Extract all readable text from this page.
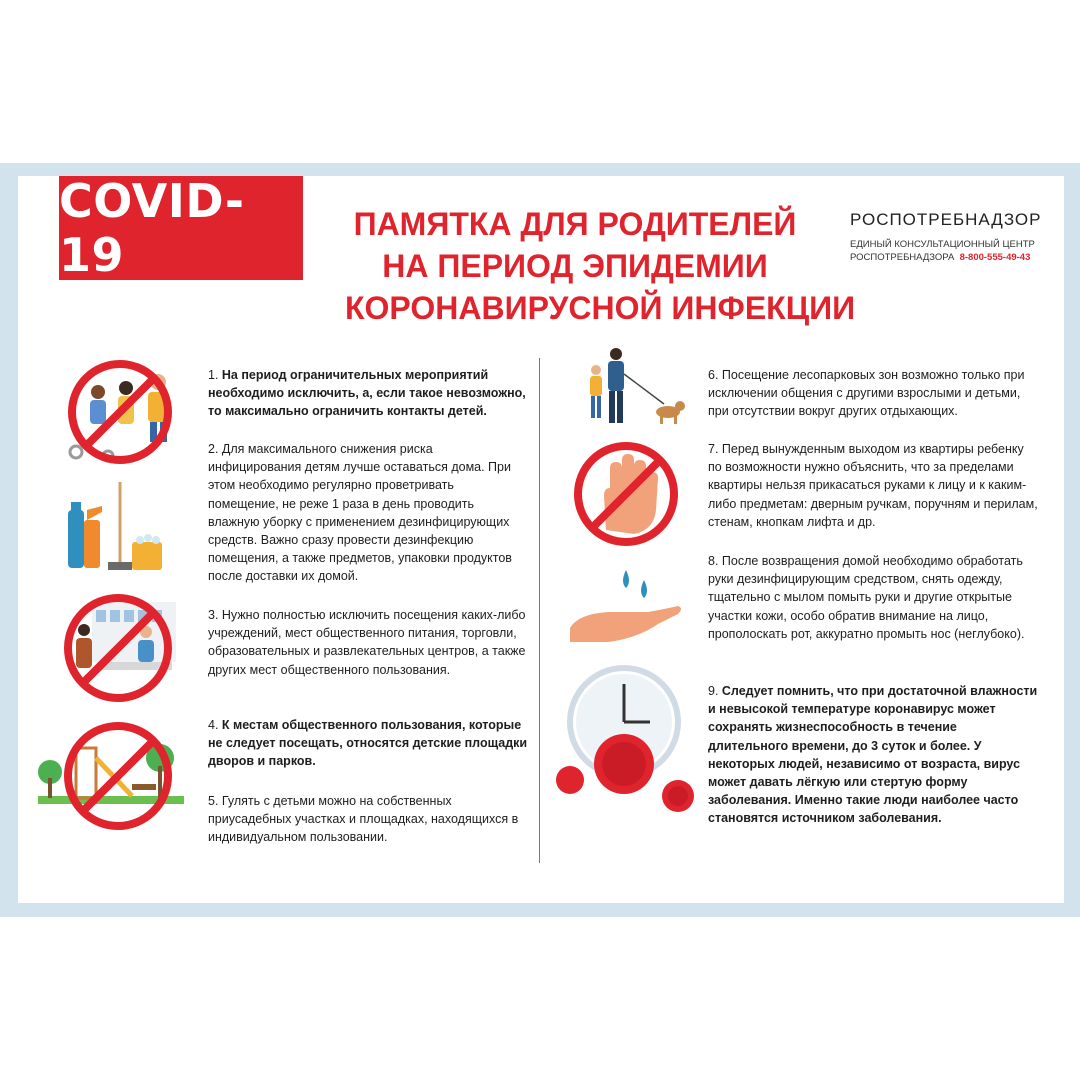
COVID-19
ПАМЯТКА ДЛЯ РОДИТЕЛЕЙ
НА ПЕРИОД ЭПИДЕМИИ
КОРОНАВИРУСНОЙ ИНФЕКЦИИ
РОСПОТРЕБНАДЗОР
ЕДИНЫЙ КОНСУЛЬТАЦИОННЫЙ ЦЕНТР
РОСПОТРЕБНАДЗОРА 8-800-555-49-43
1. На период ограничительных мероприятий необходимо исключить, а, если такое невозможно, то максимально ограничить контакты детей.
2. Для максимального снижения риска инфицирования детям лучше оставаться дома. При этом необходимо регулярно проветривать помещение, не реже 1 раза в день проводить влажную уборку с применением дезинфицирующих средств. Важно сразу провести дезинфекцию помещения, а также предметов, упаковки продуктов после доставки их домой.
3. Нужно полностью исключить посещения каких-либо учреждений, мест общественного питания, торговли, образовательных и развлекательных центров, а также других мест общественного пользования.
4. К местам общественного пользования, которые не следует посещать, относятся детские площадки дворов и парков.
5. Гулять с детьми можно на собственных приусадебных участках и площадках, находящихся в индивидуальном пользовании.
6. Посещение лесопарковых зон возможно только при исключении общения с другими взрослыми и детьми, при отсутствии вокруг других отдыхающих.
7. Перед вынужденным выходом из квартиры ребенку по возможности нужно объяснить, что за пределами квартиры нельзя прикасаться руками к лицу и к каким-либо предметам: дверным ручкам, поручням и перилам, стенам, кнопкам лифта и др.
8. После возвращения домой необходимо обработать руки дезинфицирующим средством, снять одежду, тщательно с мылом помыть руки и другие открытые участки кожи, особо обратив внимание на лицо, прополоскать рот, аккуратно промыть нос (неглубоко).
9. Следует помнить, что при достаточной влажности и невысокой температуре коронавирус может сохранять жизнеспособность в течение длительного времени, до 3 суток и более. У некоторых людей, независимо от возраста, вирус может давать лёгкую или стертую форму заболевания. Именно такие люди наиболее часто становятся источником заболевания.
